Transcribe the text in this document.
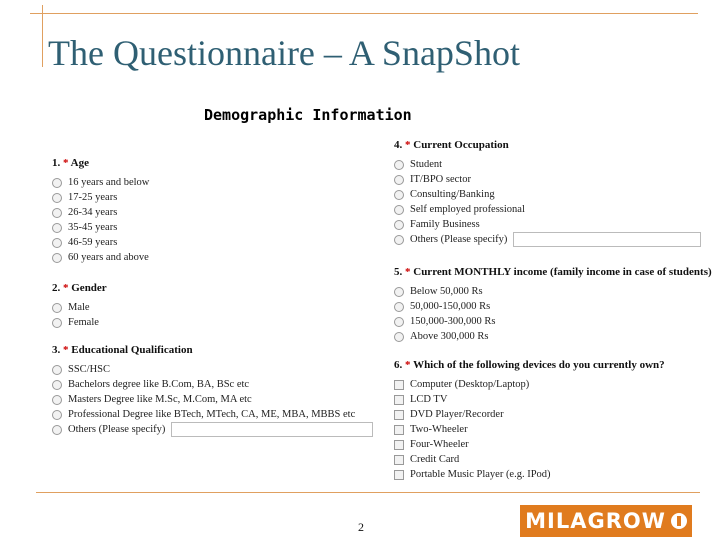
The Questionnaire – A SnapShot
Demographic Information
1. * Age
16 years and below
17-25 years
26-34 years
35-45 years
46-59 years
60 years and above
2. * Gender
Male
Female
3. * Educational Qualification
SSC/HSC
Bachelors degree like B.Com, BA, BSc etc
Masters Degree like M.Sc, M.Com, MA etc
Professional Degree like BTech, MTech, CA, ME, MBA, MBBS etc
Others (Please specify)
4. * Current Occupation
Student
IT/BPO sector
Consulting/Banking
Self employed professional
Family Business
Others (Please specify)
5. * Current MONTHLY income (family income in case of students)
Below 50,000 Rs
50,000-150,000 Rs
150,000-300,000 Rs
Above 300,000 Rs
6. * Which of the following devices do you currently own?
Computer (Desktop/Laptop)
LCD TV
DVD Player/Recorder
Two-Wheeler
Four-Wheeler
Credit Card
Portable Music Player (e.g. IPod)
2	MILAGROW
